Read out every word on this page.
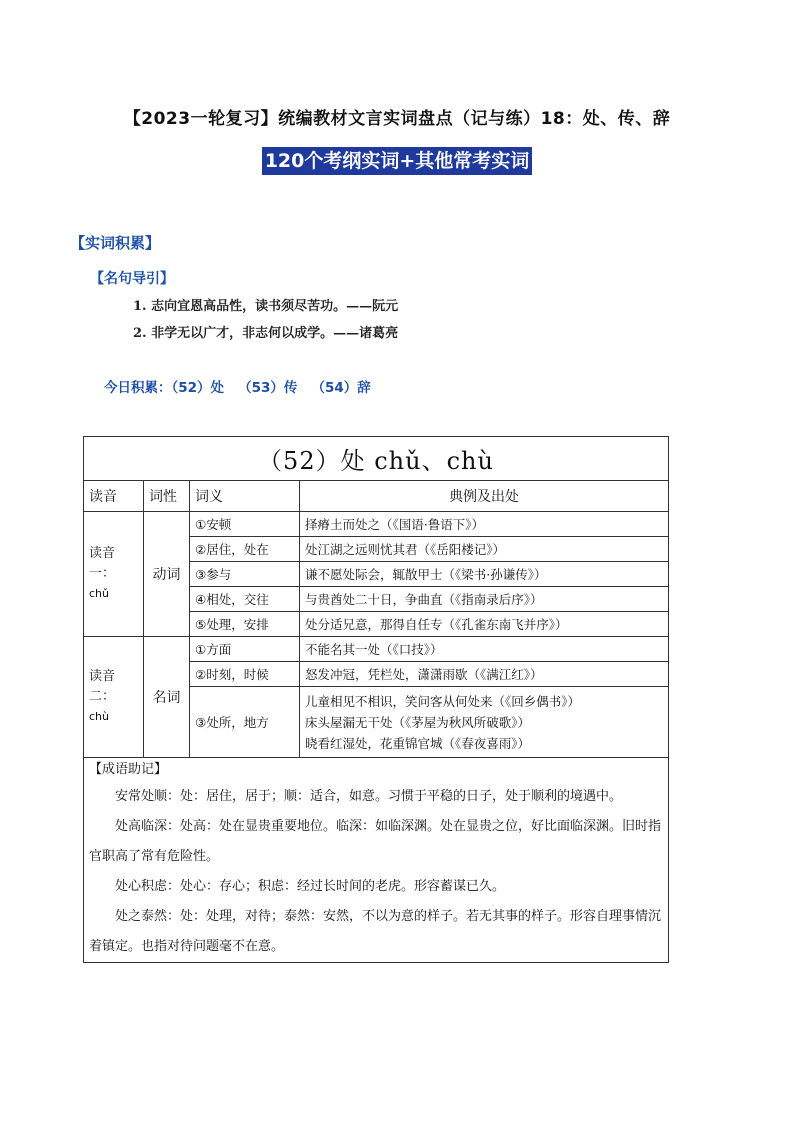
【2023一轮复习】统编教材文言实词盘点（记与练）18：处、传、辞
120个考纲实词+其他常考实词
【实词积累】
【名句导引】
1. 志向宜恩高品性，读书须尽苦功。——阮元
2. 非学无以广才，非志何以成学。——诸葛亮
今日积累：（52）处   （53）传   （54）辞
（52）处 chǔ、chù			
读音	词性	词义	典例及出处

读音一：
chǔ	动词	①安顿	择瘠土而处之（《国语·鲁语下》）
		②居住，处在	处江湖之远则忧其君（《岳阳楼记》）
		③参与	谦不愿处际会，辄散甲士（《梁书·孙谦传》）
		④相处，交往	与贵酋处二十日，争曲直（《指南录后序》）
		⑤处理，安排	处分适兄意，那得自任专（《孔雀东南飞并序》）

读音二：
chù	名词	①方面	不能名其一处（《口技》）
		②时刻，时候	怒发冲冠，凭栏处，潇潇雨歇（《满江红》）
		③处所，地方	儿童相见不相识，笑问客从何处来（《回乡偶书》）
床头屋漏无干处（《茅屋为秋风所破歌》）
晓看红湿处，花重锦官城（《春夜喜雨》）

【成语助记】

安常处顺：处：居住，居于；顺：适合，如意。习惯于平稳的日子，处于顺利的境遇中。

处高临深：处高：处在显贵重要地位。临深：如临深渊。处在显贵之位，好比面临深渊。旧时指官职高了常有危险性。

处心积虑：处心：存心；积虑：经过长时间的老虎。形容蓄谋已久。

处之泰然：处：处理，对待；泰然：安然，不以为意的样子。若无其事的样子。形容自理事情沉着镇定。也指对待问题毫不在意。			
